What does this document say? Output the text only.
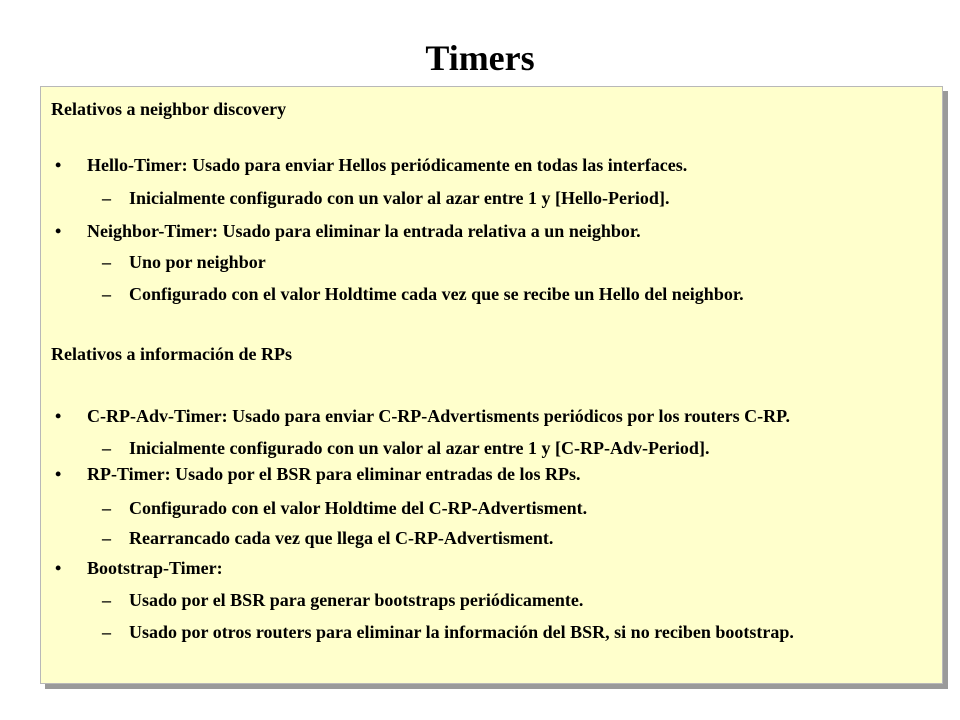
Timers
Relativos a neighbor discovery
• Hello-Timer: Usado para enviar Hellos periódicamente en todas las interfaces.
– Inicialmente configurado con un valor al azar entre 1 y [Hello-Period].
• Neighbor-Timer: Usado para eliminar la entrada relativa a un neighbor.
– Uno por neighbor
– Configurado con el valor Holdtime cada vez que se recibe un Hello del neighbor.
Relativos a información de RPs
• C-RP-Adv-Timer: Usado para enviar C-RP-Advertisments periódicos por los routers C-RP.
– Inicialmente configurado con un valor al azar entre 1 y [C-RP-Adv-Period].
• RP-Timer: Usado por el BSR para eliminar entradas de los RPs.
– Configurado con el valor Holdtime del C-RP-Advertisment.
– Rearrancado cada vez que llega el C-RP-Advertisment.
• Bootstrap-Timer:
– Usado por el BSR para generar bootstraps periódicamente.
– Usado por otros routers para eliminar la información del BSR, si no reciben bootstrap.
